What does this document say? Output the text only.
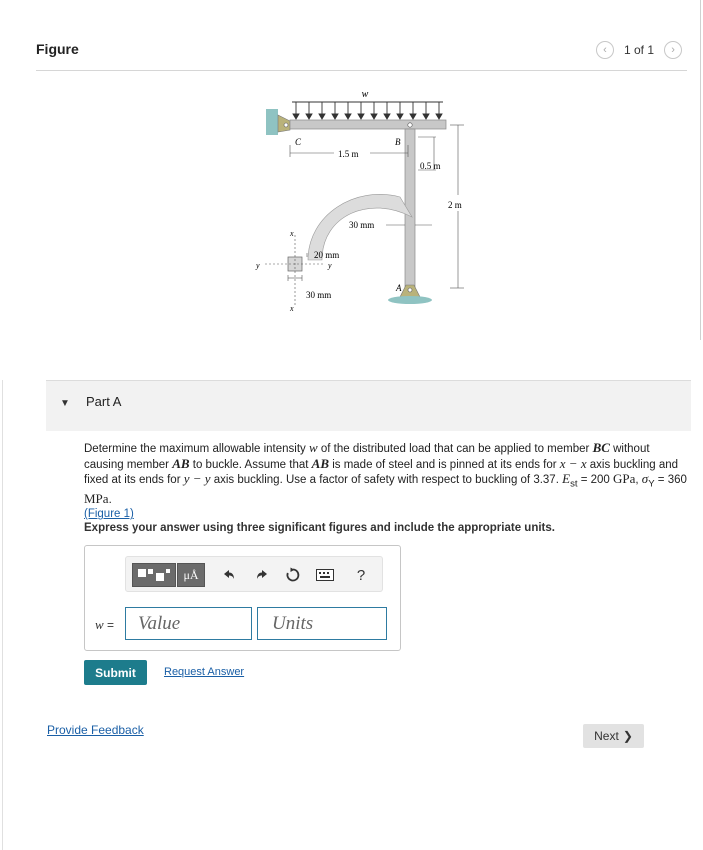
Figure	‹ 1 of 1 ›
w
C	B
A
1.5 m
0.5 m
2 m
30 mm
x
x
y	y
20 mm
30 mm
▼ Part A
Determine the maximum allowable intensity w of the distributed load that can be applied to member BC without causing member AB to buckle. Assume that AB is made of steel and is pinned at its ends for x − x axis buckling and fixed at its ends for y − y axis buckling. Use a factor of safety with respect to buckling of 3.37. $E_{st} = 200$ GPa, $\sigma_Y = 360$ MPa.
(Figure 1)
Express your answer using three significant figures and include the appropriate units.
μÅ	?
w =	Value	Units
Submit	Request Answer
Provide Feedback	Next ❯
